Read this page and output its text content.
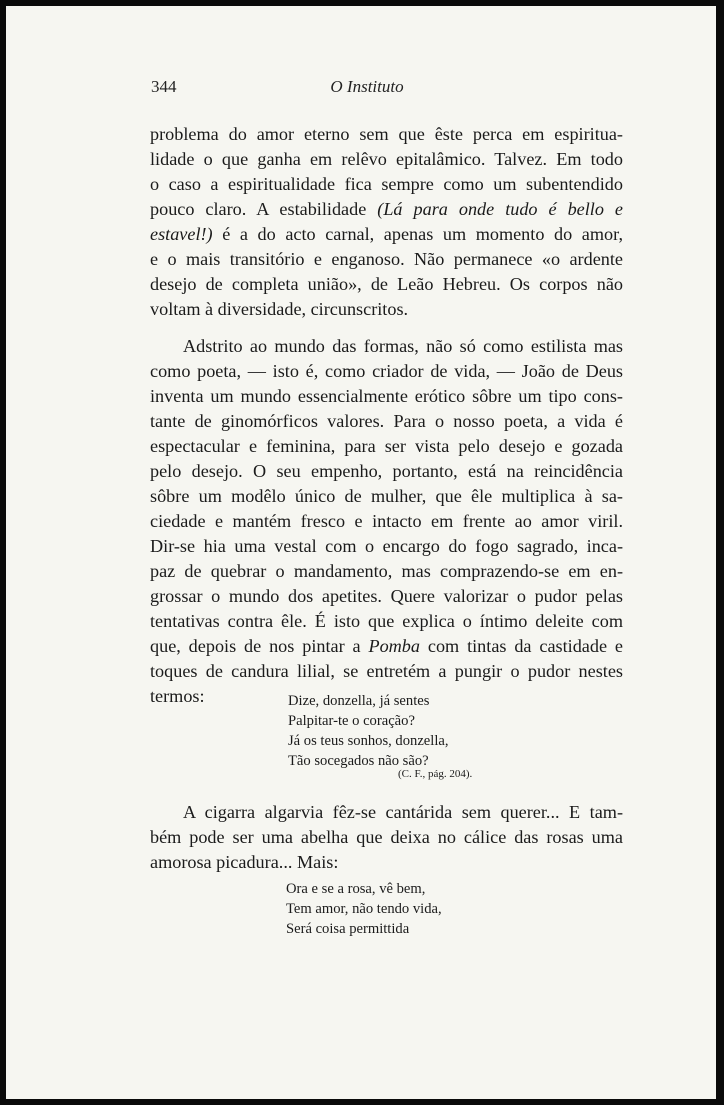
344	O Instituto
problema do amor eterno sem que êste perca em espiritua-
lidade o que ganha em relêvo epitalâmico. Talvez. Em todo
o caso a espiritualidade fica sempre como um subentendido
pouco claro. A estabilidade (Lá para onde tudo é bello e
estavel!) é a do acto carnal, apenas um momento do amor,
e o mais transitório e enganoso. Não permanece «o ardente
desejo de completa união», de Leão Hebreu. Os corpos não
voltam à diversidade, circunscritos.
Adstrito ao mundo das formas, não só como estilista mas
como poeta, — isto é, como criador de vida, — João de Deus
inventa um mundo essencialmente erótico sôbre um tipo cons-
tante de ginomórficos valores. Para o nosso poeta, a vida é
espectacular e feminina, para ser vista pelo desejo e gozada
pelo desejo. O seu empenho, portanto, está na reincidência
sôbre um modêlo único de mulher, que êle multiplica à sa-
ciedade e mantém fresco e intacto em frente ao amor viril.
Dir-se hia uma vestal com o encargo do fogo sagrado, inca-
paz de quebrar o mandamento, mas comprazendo-se em en-
grossar o mundo dos apetites. Quere valorizar o pudor pelas
tentativas contra êle. É isto que explica o íntimo deleite com
que, depois de nos pintar a Pomba com tintas da castidade e
toques de candura lilial, se entretém a pungir o pudor nestes
termos:	Dize, donzella, já sentes
Palpitar-te o coração?
Já os teus sonhos, donzella,
Tão socegados não são?
(C. F., pág. 204).
A cigarra algarvia fêz-se cantárida sem querer... E tam-
bém pode ser uma abelha que deixa no cálice das rosas uma
amorosa picadura... Mais:
Ora e se a rosa, vê bem,
Tem amor, não tendo vida,
Será coisa permittida
